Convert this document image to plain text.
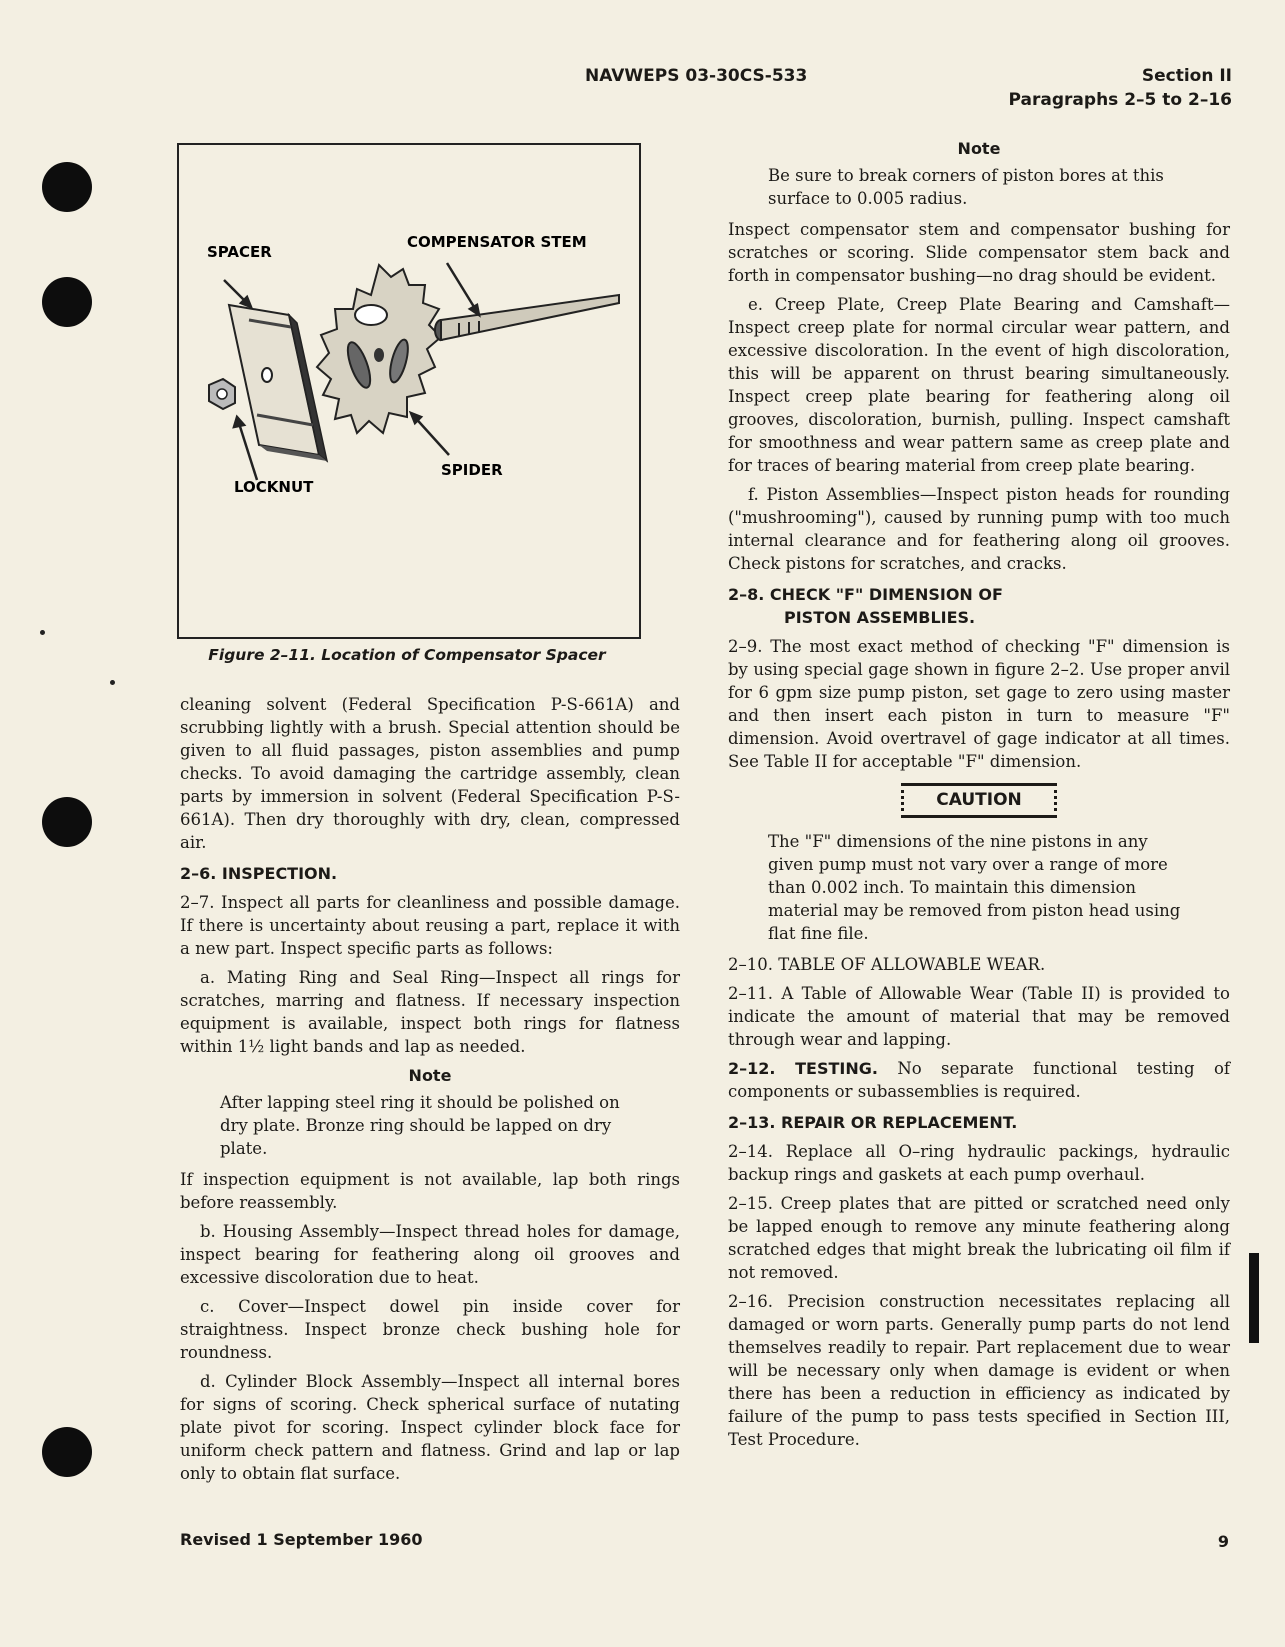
NAVWEPS 03-30CS-533	Section II
Paragraphs 2–5 to 2–16
SPACER
COMPENSATOR STEM
LOCKNUT
SPIDER
Figure 2–11. Location of Compensator Spacer

cleaning solvent (Federal Specification P-S-661A) and scrubbing lightly with a brush. Special attention should be given to all fluid passages, piston assemblies and pump checks. To avoid damaging the cartridge assembly, clean parts by immersion in solvent (Federal Specification P-S-661A). Then dry thoroughly with dry, clean, compressed air.

2–6. INSPECTION.

2–7. Inspect all parts for cleanliness and possible damage. If there is uncertainty about reusing a part, replace it with a new part. Inspect specific parts as follows:

a. Mating Ring and Seal Ring—Inspect all rings for scratches, marring and flatness. If necessary inspection equipment is available, inspect both rings for flatness within 1½ light bands and lap as needed.

Note

After lapping steel ring it should be polished on dry plate. Bronze ring should be lapped on dry plate.

If inspection equipment is not available, lap both rings before reassembly.

b. Housing Assembly—Inspect thread holes for damage, inspect bearing for feathering along oil grooves and excessive discoloration due to heat.

c. Cover—Inspect dowel pin inside cover for straightness. Inspect bronze check bushing hole for roundness.

d. Cylinder Block Assembly—Inspect all internal bores for signs of scoring. Check spherical surface of nutating plate pivot for scoring. Inspect cylinder block face for uniform check pattern and flatness. Grind and lap or lap only to obtain flat surface.

Note

Be sure to break corners of piston bores at this surface to 0.005 radius.

Inspect compensator stem and compensator bushing for scratches or scoring. Slide compensator stem back and forth in compensator bushing—no drag should be evident.

e. Creep Plate, Creep Plate Bearing and Camshaft—Inspect creep plate for normal circular wear pattern, and excessive discoloration. In the event of high discoloration, this will be apparent on thrust bearing simultaneously. Inspect creep plate bearing for feathering along oil grooves, discoloration, burnish, pulling. Inspect camshaft for smoothness and wear pattern same as creep plate and for traces of bearing material from creep plate bearing.

f. Piston Assemblies—Inspect piston heads for rounding ("mushrooming"), caused by running pump with too much internal clearance and for feathering along oil grooves. Check pistons for scratches, and cracks.

2–8. CHECK "F" DIMENSION OF
PISTON ASSEMBLIES.

2–9. The most exact method of checking "F" dimension is by using special gage shown in figure 2–2. Use proper anvil for 6 gpm size pump piston, set gage to zero using master and then insert each piston in turn to measure "F" dimension. Avoid overtravel of gage indicator at all times. See Table II for acceptable "F" dimension.

CAUTION

The "F" dimensions of the nine pistons in any given pump must not vary over a range of more than 0.002 inch. To maintain this dimension material may be removed from piston head using flat fine file.

2–10. TABLE OF ALLOWABLE WEAR.

2–11. A Table of Allowable Wear (Table II) is provided to indicate the amount of material that may be removed through wear and lapping.

2–12. TESTING. No separate functional testing of components or subassemblies is required.

2–13. REPAIR OR REPLACEMENT.

2–14. Replace all O–ring hydraulic packings, hydraulic backup rings and gaskets at each pump overhaul.

2–15. Creep plates that are pitted or scratched need only be lapped enough to remove any minute feathering along scratched edges that might break the lubricating oil film if not removed.

2–16. Precision construction necessitates replacing all damaged or worn parts. Generally pump parts do not lend themselves readily to repair. Part replacement due to wear will be necessary only when damage is evident or when there has been a reduction in efficiency as indicated by failure of the pump to pass tests specified in Section III, Test Procedure.

Revised 1 September 1960	9
